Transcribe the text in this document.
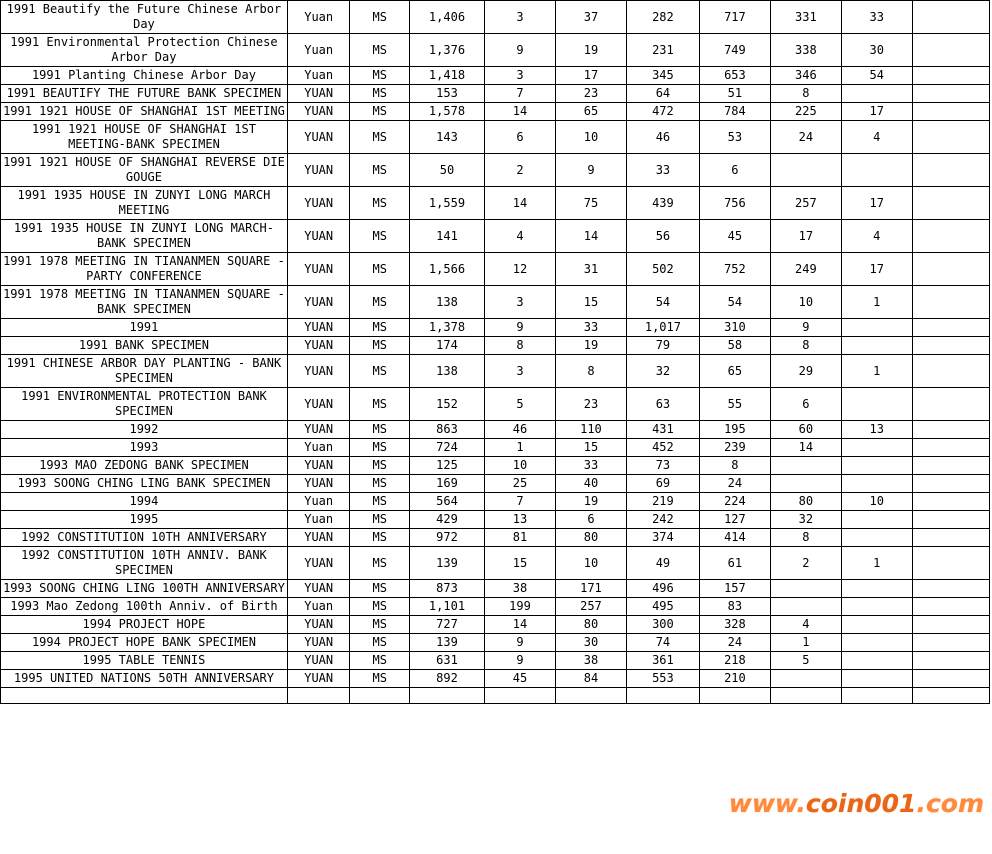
1991 Beautify the Future Chinese Arbor Day	Yuan	MS	1,406	3	37	282	717	331	33	
1991 Environmental Protection Chinese Arbor Day	Yuan	MS	1,376	9	19	231	749	338	30	
1991 Planting Chinese Arbor Day	Yuan	MS	1,418	3	17	345	653	346	54	
1991 BEAUTIFY THE FUTURE BANK SPECIMEN	YUAN	MS	153	7	23	64	51	8		
1991 1921 HOUSE OF SHANGHAI 1ST MEETING	YUAN	MS	1,578	14	65	472	784	225	17	
1991 1921 HOUSE OF SHANGHAI 1ST MEETING-BANK SPECIMEN	YUAN	MS	143	6	10	46	53	24	4	
1991 1921 HOUSE OF SHANGHAI REVERSE DIE GOUGE	YUAN	MS	50	2	9	33	6			
1991 1935 HOUSE IN ZUNYI LONG MARCH MEETING	YUAN	MS	1,559	14	75	439	756	257	17	
1991 1935 HOUSE IN ZUNYI LONG MARCH-BANK SPECIMEN	YUAN	MS	141	4	14	56	45	17	4	
1991 1978 MEETING IN TIANANMEN SQUARE - PARTY CONFERENCE	YUAN	MS	1,566	12	31	502	752	249	17	
1991 1978 MEETING IN TIANANMEN SQUARE - BANK SPECIMEN	YUAN	MS	138	3	15	54	54	10	1	
1991	YUAN	MS	1,378	9	33	1,017	310	9		
1991 BANK SPECIMEN	YUAN	MS	174	8	19	79	58	8		
1991 CHINESE ARBOR DAY PLANTING - BANK SPECIMEN	YUAN	MS	138	3	8	32	65	29	1	
1991 ENVIRONMENTAL PROTECTION BANK SPECIMEN	YUAN	MS	152	5	23	63	55	6		
1992	YUAN	MS	863	46	110	431	195	60	13	
1993	Yuan	MS	724	1	15	452	239	14		
1993 MAO ZEDONG BANK SPECIMEN	YUAN	MS	125	10	33	73	8			
1993 SOONG CHING LING BANK SPECIMEN	YUAN	MS	169	25	40	69	24			
1994	Yuan	MS	564	7	19	219	224	80	10	
1995	Yuan	MS	429	13	6	242	127	32		
1992 CONSTITUTION 10TH ANNIVERSARY	YUAN	MS	972	81	80	374	414	8		
1992 CONSTITUTION 10TH ANNIV. BANK SPECIMEN	YUAN	MS	139	15	10	49	61	2	1	
1993 SOONG CHING LING 100TH ANNIVERSARY	YUAN	MS	873	38	171	496	157			
1993 Mao Zedong 100th Anniv. of Birth	Yuan	MS	1,101	199	257	495	83			
1994 PROJECT HOPE	YUAN	MS	727	14	80	300	328	4		
1994 PROJECT HOPE BANK SPECIMEN	YUAN	MS	139	9	30	74	24	1		
1995 TABLE TENNIS	YUAN	MS	631	9	38	361	218	5		
1995 UNITED NATIONS 50TH ANNIVERSARY	YUAN	MS	892	45	84	553	210			

www.coin001.com
